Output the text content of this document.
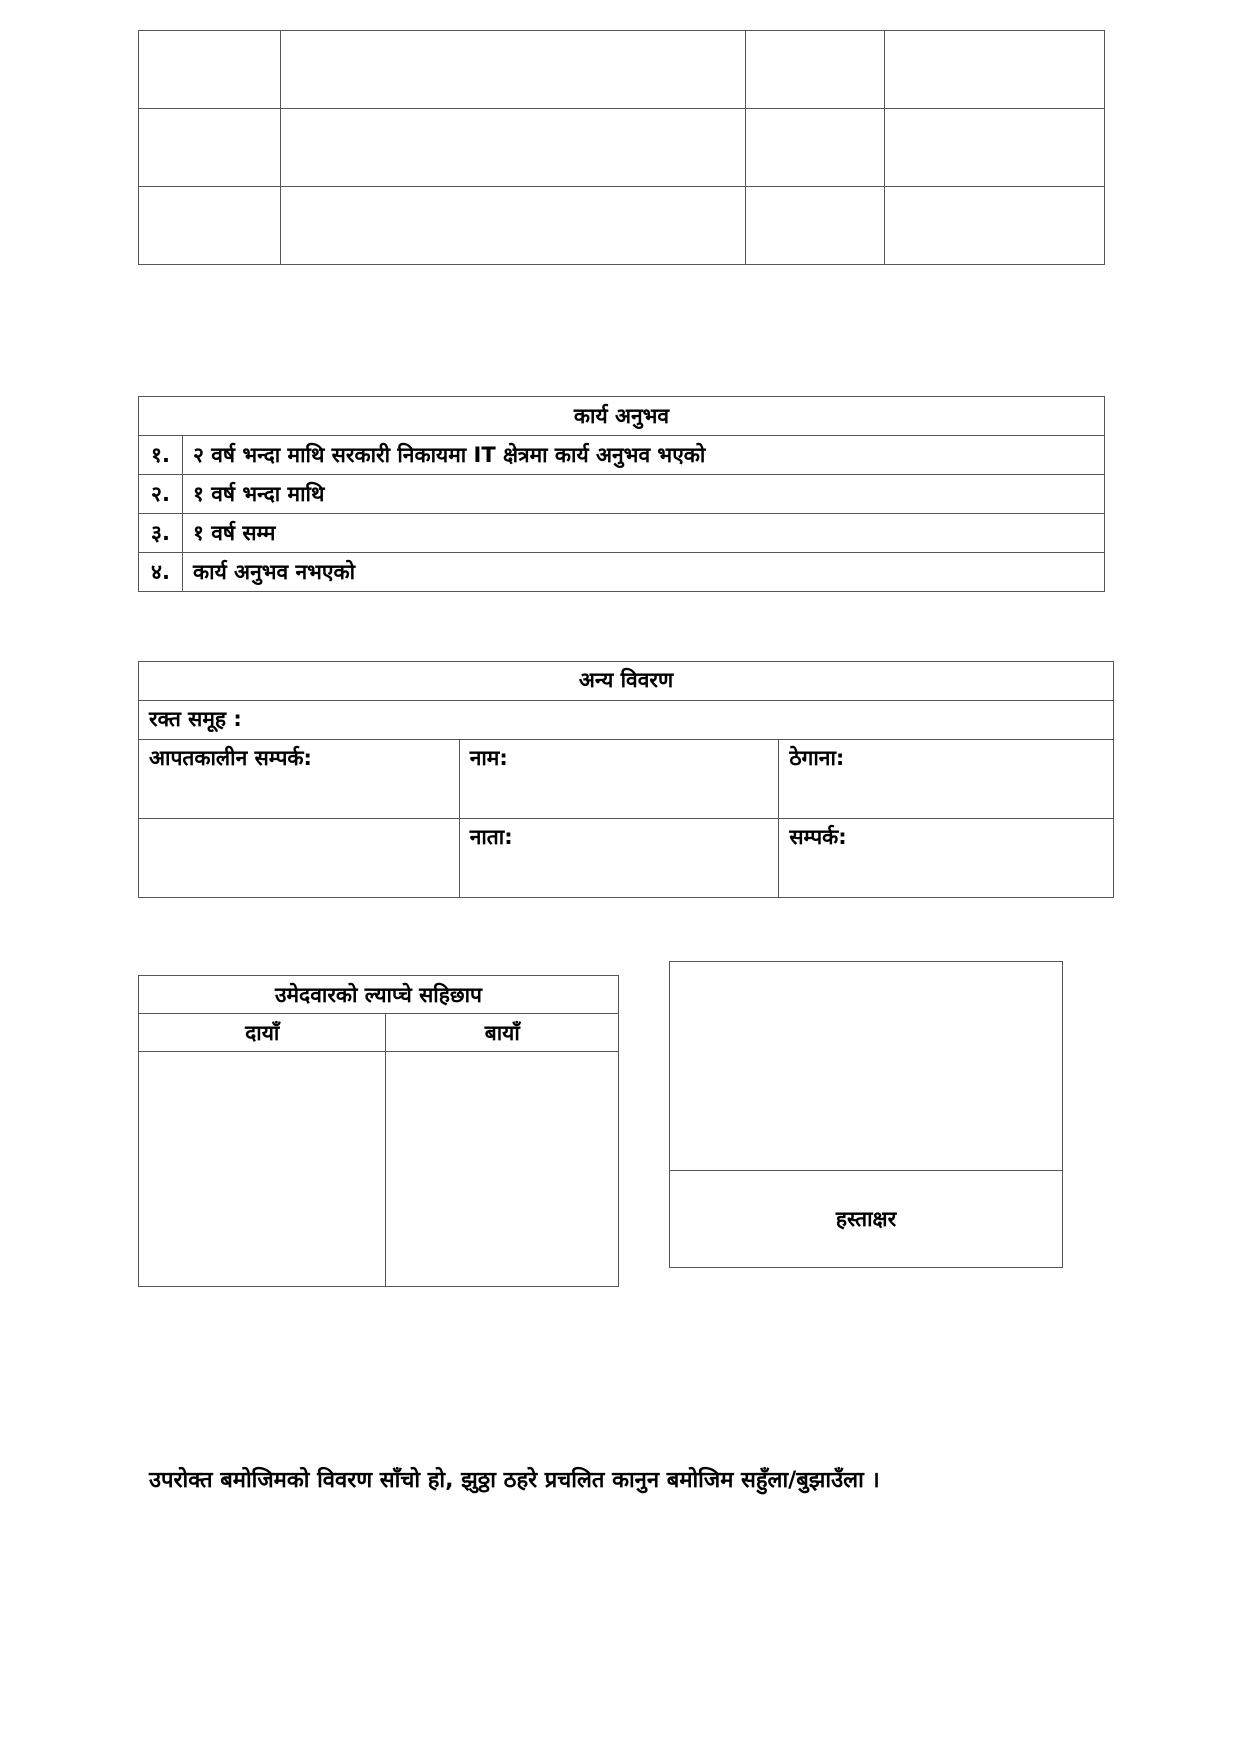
कार्य अनुभव	
१.	२ वर्ष भन्दा माथि सरकारी निकायमा IT क्षेत्रमा कार्य अनुभव भएको
२.	१ वर्ष भन्दा माथि
३.	१ वर्ष सम्म
४.	कार्य अनुभव नभएको
अन्य विवरण		
रक्त समूह :		
आपतकालीन सम्पर्क:	नाम:	ठेगाना:
	नाता:	सम्पर्क:
उमेदवारको ल्याप्चे सहिछाप	
दायाँ	बायाँ

हस्ताक्षर
उपरोक्त बमोजिमको विवरण साँचो हो, झुठ्ठा ठहरे प्रचलित कानुन बमोजिम सहुँला/बुझाउँला ।
